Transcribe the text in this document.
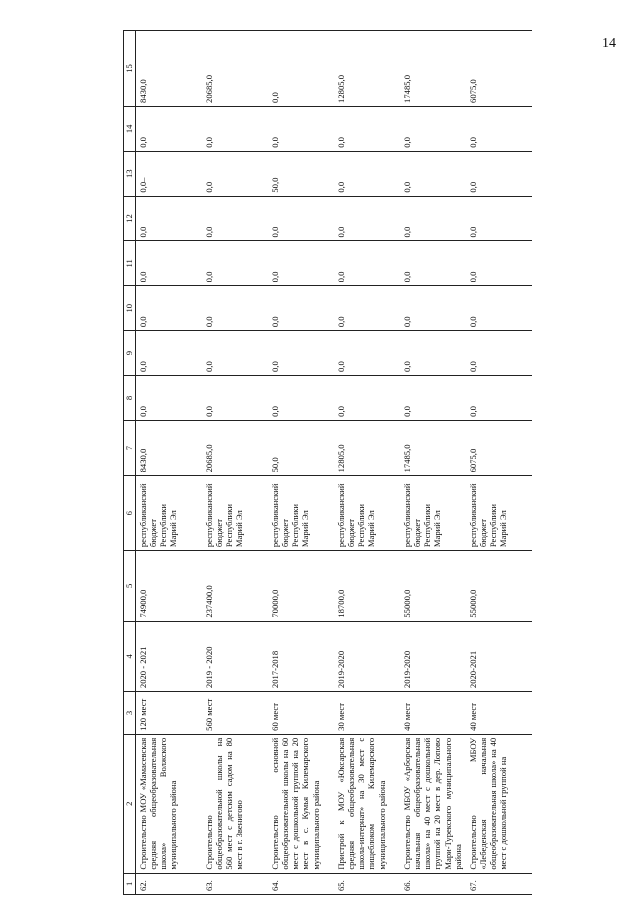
14
1	2	3	4	5	6	7	8	9	10	11	12	13	14	15
62.	Строительство МОУ «Мамасевская средняя общеобразовательная школа» Волжского муниципального района	120 мест	2020 - 2021	74900,0	республиканский бюджет Республики Марий Эл	8430,0	0,0	0,0	0,0	0,0	0,0	0,0–	0,0	8430,0
63.	Строительство общеобразовательной школы на 560 мест с детским садом на 80 мест в г. Звенигово	560 мест	2019 - 2020	237400,0	республиканский бюджет Республики Марий Эл	20685,0	0,0	0,0	0,0	0,0	0,0	0,0	0,0	20685,0
64.	Строительство основной общеобразовательной школы на 60 мест с дошкольной группой на 20 мест в с. Кумья Килемарского муниципального района	60 мест	2017-2018	70000,0	республиканский бюджет Республики Марий Эл	50,0	0,0	0,0	0,0	0,0	0,0	50,0	0,0	0,0
65.	Пристрой к МОУ «Юксарская средняя общеобразовательная школа-интернат» на 30 мест с пищеблоком Килемарского муниципального района	30 мест	2019-2020	18700,0	республиканский бюджет Республики Марий Эл	12805,0	0,0	0,0	0,0	0,0	0,0	0,0	0,0	12805,0
66.	Строительство МБОУ «Арборская начальная общеобразовательная школа» на 40 мест с дошкольной группой на 20 мест в дер. Лопово Мари-Турекского муниципального района	40 мест	2019-2020	55000,0	республиканский бюджет Республики Марий Эл	17485,0	0,0	0,0	0,0	0,0	0,0	0,0	0,0	17485,0
67.	Строительство МБОУ «Лебеденская начальная общеобразовательная школа» на 40 мест с дошкольной группой на	40 мест	2020-2021	55000,0	республиканский бюджет Республики Марий Эл	6075,0	0,0	0,0	0,0	0,0	0,0	0,0	0,0	6075,0
